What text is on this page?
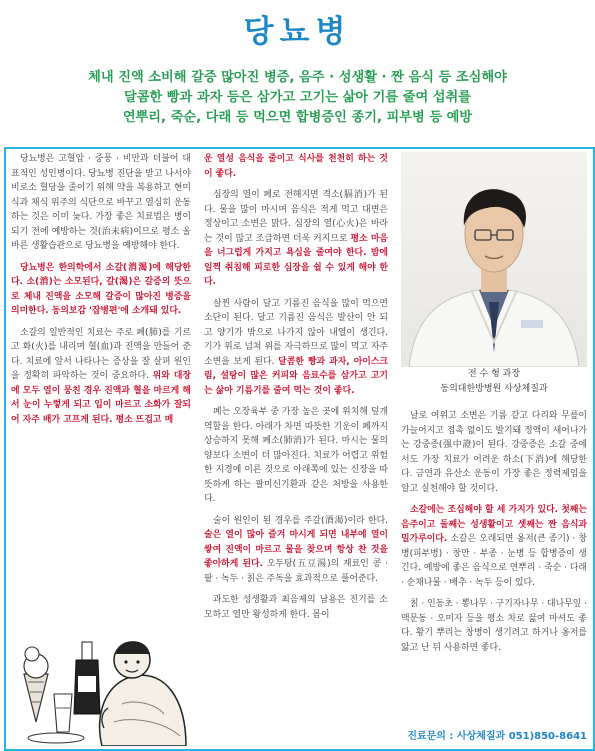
당뇨병
체내 진액 소비해 갈증 많아진 병증, 음주 · 성생활 · 짠 음식 등 조심해야
달콤한 빵과 과자 등은 삼가고 고기는 삶아 기름 줄여 섭취를
연뿌리, 죽순, 다래 등 먹으면 합병증인 종기, 피부병 등 예방

당뇨병은 고혈압 · 중풍 · 비만과 더불어 대표적인 성인병이다. 당뇨병 진단을 받고 나서야 비로소 혈당을 줄이기 위해 약을 복용하고 현미식과 채식 위주의 식단으로 바꾸고 열심히 운동하는 것은 이미 늦다. 가장 좋은 치료법은 병이 되기 전에 예방하는 것(治未病)이므로 평소 올바른 생활습관으로 당뇨병을 예방해야 한다.

당뇨병은 한의학에서 소갈(消渴)에 해당한다. 소(消)는 소모된다, 갈(渴)은 갈증의 뜻으로 체내 진액을 소모해 갈증이 많아진 병증을 의미한다. 동의보감 '잡병편'에 소개돼 있다.

소갈의 일반적인 치료는 주로 폐(肺)를 기르고 화(火)를 내리며 혈(血)과 진액을 만들어 준다. 치료에 앞서 나타나는 증상을 잘 살펴 원인을 정확히 파악하는 것이 중요하다. 위와 대장에 모두 열이 뭉친 경우 진액과 혈을 마르게 해서 눈이 누렇게 되고 입이 마르고 소화가 잘되어 자주 배가 고프게 된다. 평소 뜨겁고 매

운 열성 음식을 줄이고 식사를 천천히 하는 것이 좋다.

심장의 열이 폐로 전해지면 격소(膈消)가 된다. 물을 많이 마시며 음식은 적게 먹고 대변은 정상이고 소변은 맑다. 심장의 열(心火)은 바라는 것이 많고 조급하면 더욱 커지므로 평소 마음을 너그럽게 가지고 욕심을 줄여야 한다. 밤에 일찍 취침해 피로한 심장을 쉴 수 있게 해야 한다.

살찐 사람이 달고 기름진 음식을 많이 먹으면 소단이 된다. 달고 기름진 음식은 발산이 안 되고 양기가 밖으로 나가지 않아 내열이 생긴다. 기가 위로 넘쳐 위를 자극하므로 많이 먹고 자주 소변을 보게 된다. 달콤한 빵과 과자, 아이스크림, 설탕이 많은 커피와 음료수를 삼가고 고기는 삶아 기름기를 줄여 먹는 것이 좋다.

폐는 오장육부 중 가장 높은 곳에 위치해 덮개 역할을 한다. 아래가 차면 따뜻한 기운이 폐까지 상승하지 못해 폐소(肺消)가 된다. 마시는 물의 양보다 소변이 더 많아진다. 치료가 어렵고 위험한 지경에 이른 것으로 아래쪽에 있는 신장을 따뜻하게 하는 팔미신기환과 같은 처방을 사용한다.

술이 원인이 된 경우를 주갈(酒渴)이라 한다. 술은 열이 많아 즐겨 마시게 되면 내부에 열이 쌓여 진액이 마르고 물을 찾으며 항상 찬 것을 좋아하게 된다. 오두탕(五豆湯)의 재료인 콩 · 팥 · 녹두 · 칡은 주독을 효과적으로 풀어준다.

과도한 성생활과 최음제의 남용은 진기를 소모하고 열만 왕성하게 한다. 몸이

전 수 형 과장
동의대한방병원 사상체질과

날로 여위고 소변은 기름 같고 다리와 무릎이 가늘어지고 접촉 없이도 발기돼 정액이 새어나가는 강중증(强中證)이 된다. 강중증은 소갈 중에서도 가장 치료가 어려운 하소(下消)에 해당한다. 금연과 유산소 운동이 가장 좋은 정력제임을 알고 실천해야 할 것이다.

소갈에는 조심해야 할 세 가지가 있다. 첫째는 음주이고 둘째는 성생활이고 셋째는 짠 음식과 밀가루이다. 소갈은 오래되면 옹저(큰 종기) · 창병(피부병) · 창만 · 부종 · 눈병 등 합병증이 생긴다. 예방에 좋은 음식으로 연뿌리 · 죽순 · 다래 · 순채나물 · 배추 · 녹두 등이 있다.

칡 · 인동초 · 뽕나무 · 구기자나무 · 대나무잎 · 맥문동 · 오미자 등을 평소 차로 끓여 마셔도 좋다. 황기 뿌리는 창병이 생기려고 하거나 옹저를 앓고 난 뒤 사용하면 좋다.

진료문의 : 사상체질과 051)850-8641
